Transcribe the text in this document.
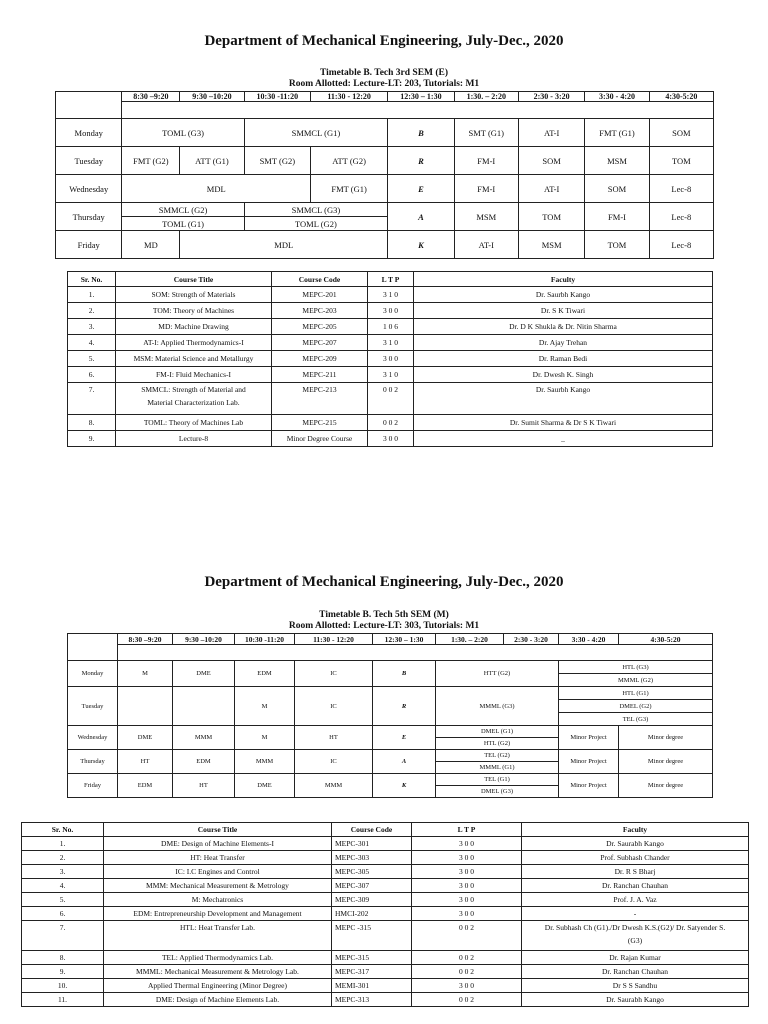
Department of Mechanical Engineering, July-Dec., 2020
Timetable B. Tech 3rd SEM (E)
Room Allotted: Lecture-LT: 203, Tutorials: M1
	8:30 –9:20	9:30 –10:20	10:30 -11:20	11:30 - 12:20	12:30 – 1:30	1:30. – 2:20	2:30 - 3:20	3:30 - 4:20	4:30-5:20

Monday	TOML (G3)		SMMCL (G1)		B	SMT (G1)	AT-I	FMT (G1)	SOM
Tuesday	FMT (G2)	ATT (G1)	SMT (G2)	ATT (G2)	R	FM-I	SOM	MSM	TOM
Wednesday	MDL			FMT (G1)	E	FM-I	AT-I	SOM	Lec-8
Thursday	SMMCL (G2)		SMMCL (G3)		A	MSM	TOM	FM-I	Lec-8
	TOML (G1)		TOML (G2)						
Friday	MD	MDL			K	AT-I	MSM	TOM	Lec-8
Sr. No.	Course Title	Course Code	L T P	Faculty
1.	SOM: Strength of Materials	MEPC-201	3 1 0	Dr. Saurbh Kango
2.	TOM: Theory of Machines	MEPC-203	3 0 0	Dr. S K Tiwari
3.	MD: Machine Drawing	MEPC-205	1 0 6	Dr. D K Shukla & Dr. Nitin Sharma
4.	AT-I: Applied Thermodynamics-I	MEPC-207	3 1 0	Dr. Ajay Trehan
5.	MSM: Material Science and Metallurgy	MEPC-209	3 0 0	Dr. Raman Bedi
6.	FM-I: Fluid Mechanics-I	MEPC-211	3 1 0	Dr. Dwesh K. Singh
7.	SMMCL: Strength of Material and
Material Characterization Lab.	MEPC-213	0 0 2	Dr. Saurbh Kango
8.	TOML: Theory of Machines Lab	MEPC-215	0 0 2	Dr. Sumit Sharma & Dr S K Tiwari
9.	Lecture-8	Minor Degree Course	3 0 0	_
Department of Mechanical Engineering, July-Dec., 2020
Timetable B. Tech 5th SEM (M)
Room Allotted: Lecture-LT: 303, Tutorials: M1
	8:30 –9:20	9:30 –10:20	10:30 -11:20	11:30 - 12:20	12:30 – 1:30	1:30. – 2:20	2:30 - 3:20	3:30 - 4:20	4:30-5:20

Monday	M	DME	EDM	IC	B	HTT (G2)		HTL (G3)	
								MMML (G2)	
Tuesday			M	IC	R	MMML (G3)		HTL (G1)	
								DMEL (G2)	
								TEL (G3)	
Wednesday	DME	MMM	M	HT	E	DMEL (G1)		Minor Project	Minor degree
						HTL (G2)			
Thursday	HT	EDM	MMM	IC	A	TEL (G2)		Minor Project	Minor degree
						MMML (G1)			
Friday	EDM	HT	DME	MMM	K	TEL (G1)		Minor Project	Minor degree
						DMEL (G3)			
Sr. No.	Course Title	Course Code	L T P	Faculty
1.	DME: Design of Machine Elements-I	MEPC-301	3 0 0	Dr. Saurabh Kango
2.	HT: Heat Transfer	MEPC-303	3 0 0	Prof. Subhash Chander
3.	IC: I.C Engines and Control	MEPC-305	3 0 0	Dr. R S Bharj
4.	MMM: Mechanical Measurement & Metrology	MEPC-307	3 0 0	Dr. Ranchan Chauhan
5.	M: Mechatronics	MEPC-309	3 0 0	Prof. J. A. Vaz
6.	EDM: Entrepreneurship Development and Management	HMCI-202	3 0 0	-
7.	HTL: Heat Transfer Lab.	MEPC -315	0 0 2	Dr. Subhash Ch (G1)./Dr Dwesh K.S.(G2)/ Dr. Satyender S.
(G3)

8.	TEL: Applied Thermodynamics Lab.	MEPC-315	0 0 2	Dr. Rajan Kumar
9.	MMML: Mechanical Measurement & Metrology Lab.	MEPC-317	0 0 2	Dr. Ranchan Chauhan
10.	Applied Thermal Engineering (Minor Degree)	MEMI-301	3 0 0	Dr S S Sandhu
11.	DME: Design of Machine Elements Lab.	MEPC-313	0 0 2	Dr. Saurabh Kango
